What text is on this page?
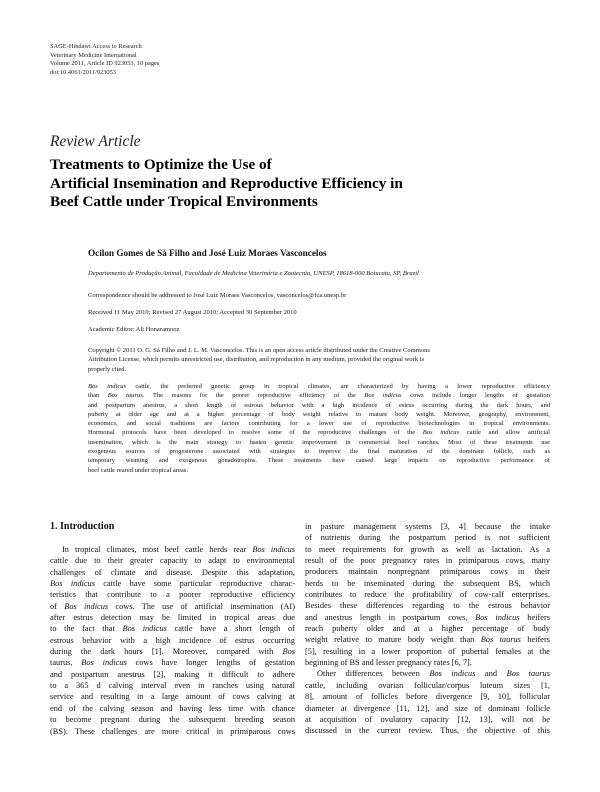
SAGE-Hindawi Access to Research
Veterinary Medicine International
Volume 2011, Article ID 923053, 10 pages
doi:10.4061/2011/923053
Review Article
Treatments to Optimize the Use of
Artificial Insemination and Reproductive Efficiency in
Beef Cattle under Tropical Environments
Ocilon Gomes de Sá Filho and José Luiz Moraes Vasconcelos
Departamento de Produção Animal, Faculdade de Medicina Veterinária e Zootecnia, UNESP, 18618-000 Botucatu, SP, Brazil
Correspondence should be addressed to José Luiz Moraes Vasconcelos, vasconcelos@fca.unesp.br
Received 11 May 2010; Revised 27 August 2010; Accepted 30 September 2010
Academic Editor: Ali Honaramooz
Copyright © 2011 O. G. Sá Filho and J. L. M. Vasconcelos. This is an open access article distributed under the Creative Commons
Attribution License, which permits unrestricted use, distribution, and reproduction in any medium, provided the original work is
properly cited.
Bos indicus cattle, the preferred genetic group in tropical climates, are characterized by having a lower reproductive efficiency
than Bos taurus. The reasons for the poorer reproductive efficiency of the Bos indicus cows include longer lengths of gestation
and postpartum anestrus, a short length of estrous behavior with a high incidence of estrus occurring during the dark hours, and
puberty at older age and at a higher percentage of body weight relative to mature body weight. Moreover, geography, environment,
economics, and social traditions are factors contributing for a lower use of reproductive biotechnologies in tropical environments.
Hormonal protocols have been developed to resolve some of the reproductive challenges of the Bos indicus cattle and allow artificial
insemination, which is the main strategy to hasten genetic improvement in commercial beef ranches. Most of these treatments use
exogenous sources of progesterone associated with strategies to improve the final maturation of the dominant follicle, such as
temporary weaning and exogenous gonadotropins. These treatments have caused large impacts on reproductive performance of
beef cattle reared under tropical areas.
1. Introduction
In tropical climates, most beef cattle herds rear Bos indicus
cattle due to their greater capacity to adapt to environmental
challenges of climate and disease. Despite this adaptation,
Bos indicus cattle have some particular reproductive charac-
teristics that contribute to a poorer reproductive efficiency
of Bos indicus cows. The use of artificial insemination (AI)
after estrus detection may be limited in tropical areas due
to the fact that Bos indicus cattle have a short length of
estrous behavior with a high incidence of estrus occurring
during the dark hours [1]. Moreover, compared with Bos
taurus, Bos indicus cows have longer lengths of gestation
and postpartum anestrus [2], making it difficult to adhere
to a 365 d calving interval even in ranches using natural
service and resulting in a large amount of cows calving at
end of the calving season and having less time with chance
to become pregnant during the subsequent breeding season
(BS). These challenges are more critical in primiparous cows
in pasture management systems [3, 4] because the intake
of nutrients during the postpartum period is not sufficient
to meet requirements for growth as well as lactation. As a
result of the poor pregnancy rates in primiparous cows, many
producers maintain nonpregnant primiparous cows in their
herds to be inseminated during the subsequent BS, which
contributes to reduce the profitability of cow-calf enterprises.
Besides these differences regarding to the estrous behavior
and anestrus length in postpartum cows, Bos indicus heifers
reach puberty older and at a higher percentage of body
weight relative to mature body weight than Bos taurus heifers
[5], resulting in a lower proportion of pubertal females at the
beginning of BS and lesser pregnancy rates [6, 7].
Other differences between Bos indicus and Bos taurus
cattle, including ovarian follicular/corpus luteum sizes [1,
8], amount of follicles before divergence [9, 10], follicular
diameter at divergence [11, 12], and size of dominant follicle
at acquisition of ovulatory capacity [12, 13], will not be
discussed in the current review. Thus, the objective of this
